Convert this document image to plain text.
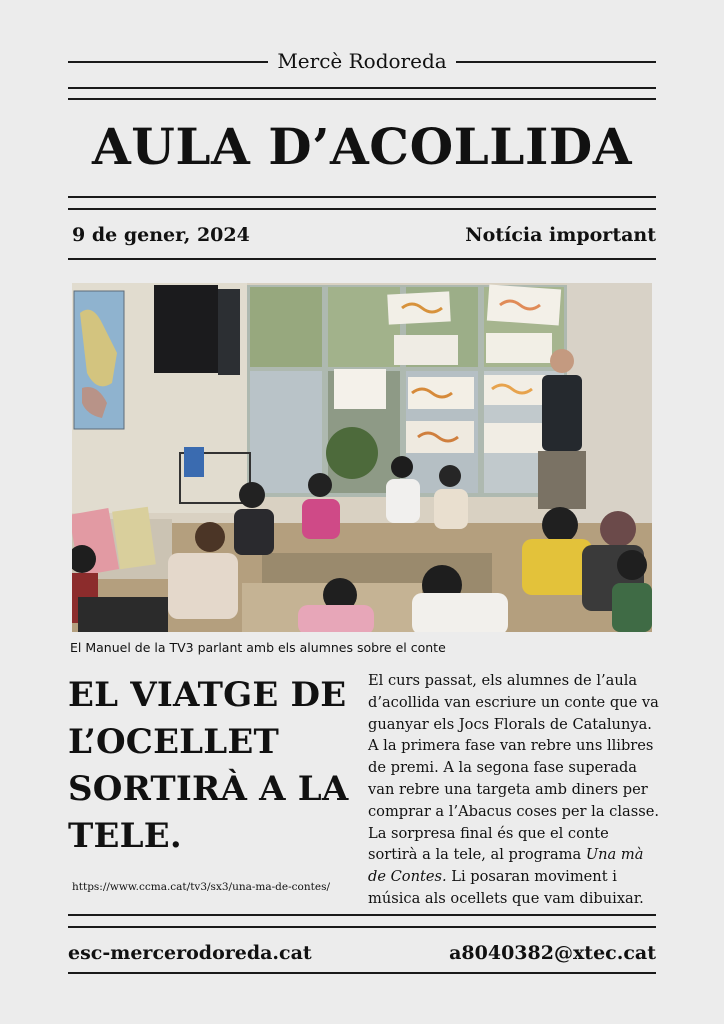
Mercè Rodoreda
AULA D’ACOLLIDA
9 de gener, 2024	Notícia important
El Manuel de la TV3 parlant amb els alumnes sobre el conte
EL VIATGE DE L’OCELLET SORTIRÀ A LA TELE.
https://www.ccma.cat/tv3/sx3/una-ma-de-contes/
El curs passat, els alumnes de l’aula d’acollida van escriure un conte que va guanyar els Jocs Florals de Catalunya. A la primera fase van rebre uns llibres de premi. A la segona fase superada van rebre una targeta amb diners per comprar a l’Abacus coses per la classe. La sorpresa final és que el conte sortirà a la tele, al programa Una mà de Contes. Li posaran moviment i música als ocellets que vam dibuixar.
esc-mercerodoreda.cat	a8040382@xtec.cat
